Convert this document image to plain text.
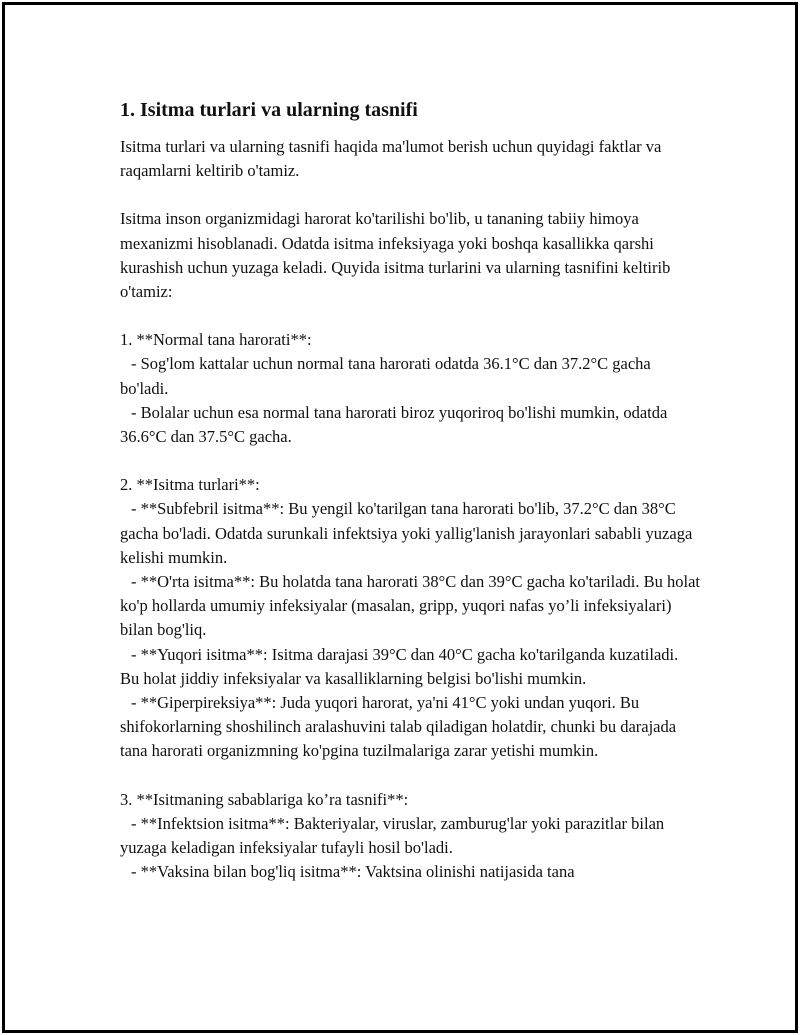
1. Isitma turlari va ularning tasnifi

Isitma turlari va ularning tasnifi haqida ma'lumot berish uchun quyidagi faktlar va raqamlarni keltirib o'tamiz.

Isitma inson organizmidagi harorat ko'tarilishi bo'lib, u tananing tabiiy himoya mexanizmi hisoblanadi. Odatda isitma infeksiyaga yoki boshqa kasallikka qarshi kurashish uchun yuzaga keladi. Quyida isitma turlarini va ularning tasnifini keltirib o'tamiz:

1. **Normal tana harorati**:

- Sog'lom kattalar uchun normal tana harorati odatda 36.1°C dan 37.2°C gacha bo'ladi.

- Bolalar uchun esa normal tana harorati biroz yuqoriroq bo'lishi mumkin, odatda 36.6°C dan 37.5°C gacha.

2. **Isitma turlari**:

- **Subfebril isitma**: Bu yengil ko'tarilgan tana harorati bo'lib, 37.2°C dan 38°C gacha bo'ladi. Odatda surunkali infektsiya yoki yallig'lanish jarayonlari sababli yuzaga kelishi mumkin.

- **O'rta isitma**: Bu holatda tana harorati 38°C dan 39°C gacha ko'tariladi. Bu holat ko'p hollarda umumiy infeksiyalar (masalan, gripp, yuqori nafas yo’li infeksiyalari) bilan bog'liq.

- **Yuqori isitma**: Isitma darajasi 39°C dan 40°C gacha ko'tarilganda kuzatiladi. Bu holat jiddiy infeksiyalar va kasalliklarning belgisi bo'lishi mumkin.

- **Giperpireksiya**: Juda yuqori harorat, ya'ni 41°C yoki undan yuqori. Bu shifokorlarning shoshilinch aralashuvini talab qiladigan holatdir, chunki bu darajada tana harorati organizmning ko'pgina tuzilmalariga zarar yetishi mumkin.

3. **Isitmaning sabablariga ko’ra tasnifi**:

- **Infektsion isitma**: Bakteriyalar, viruslar, zamburug'lar yoki parazitlar bilan yuzaga keladigan infeksiyalar tufayli hosil bo'ladi.

- **Vaksina bilan bog'liq isitma**: Vaktsina olinishi natijasida tana
